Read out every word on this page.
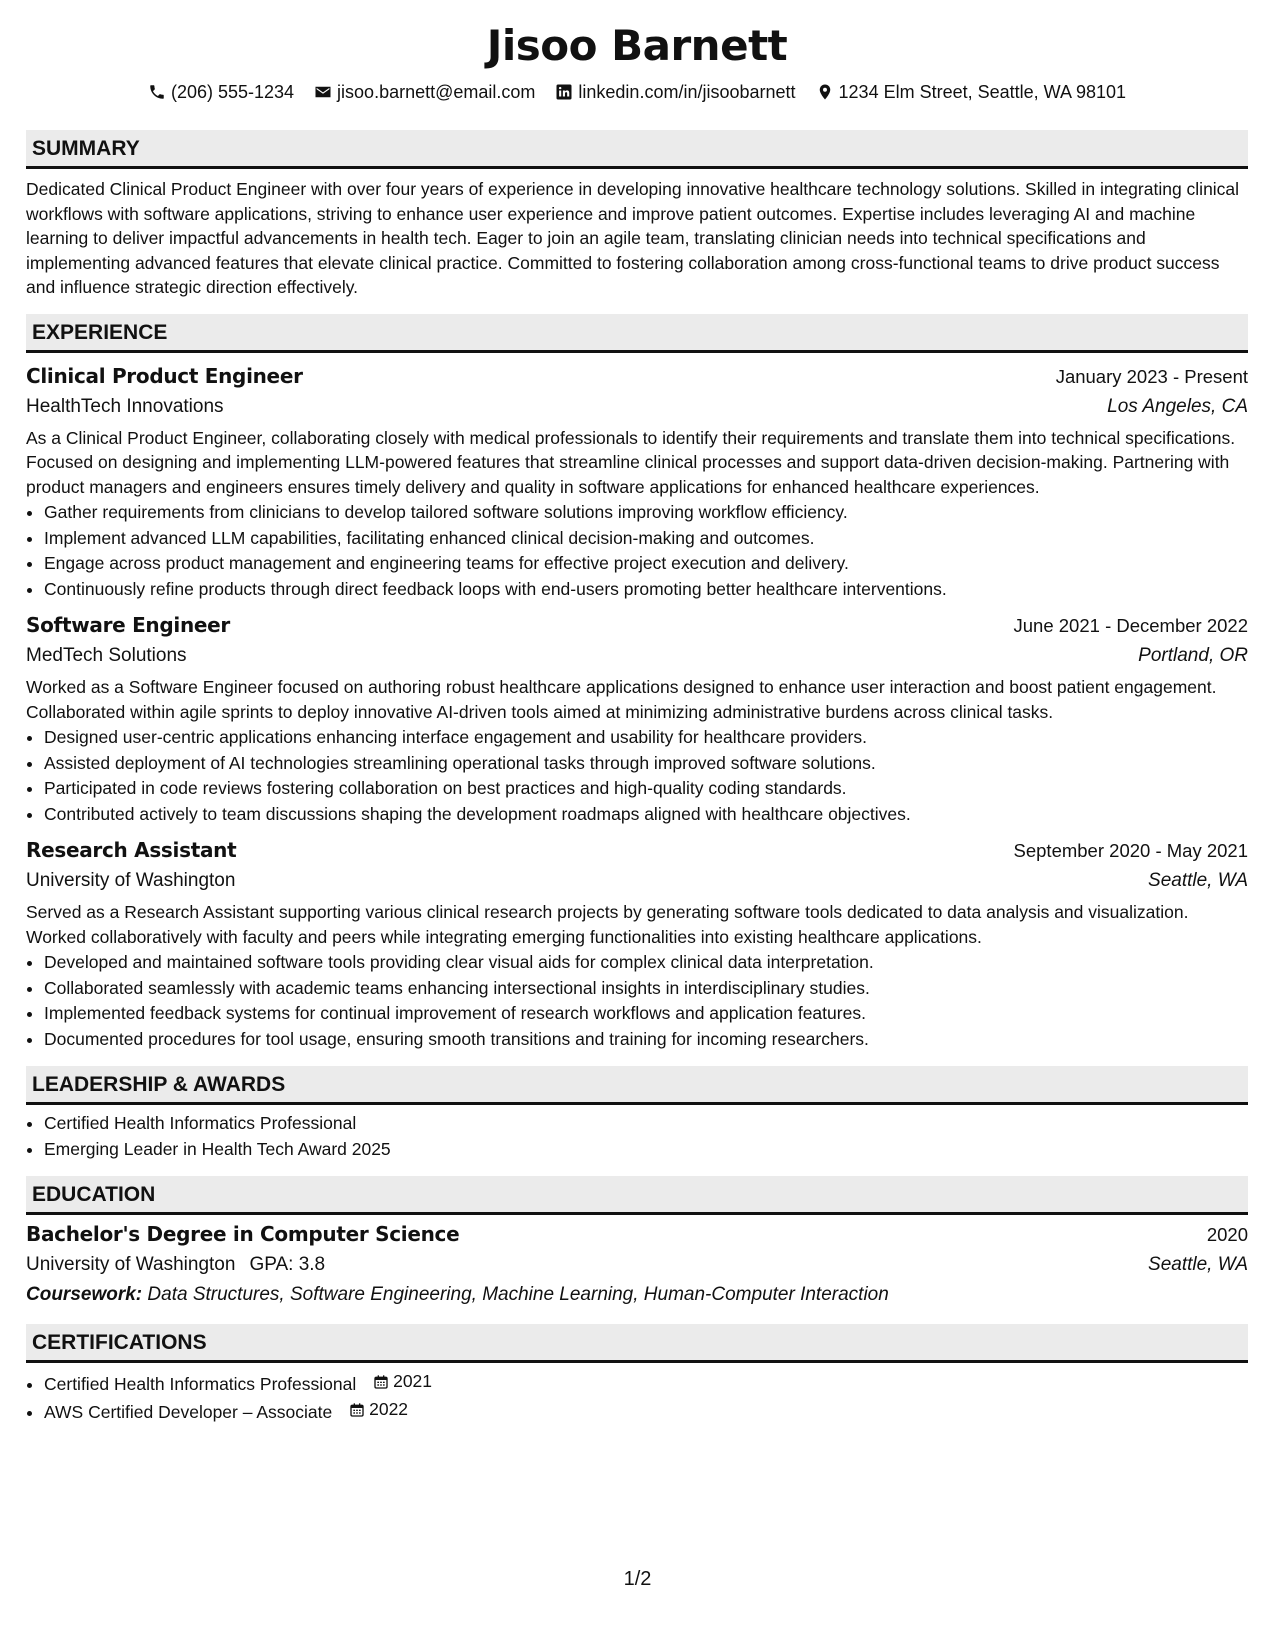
Jisoo Barnett
(206) 555-1234 jisoo.barnett@email.com linkedin.com/in/jisoobarnett 1234 Elm Street, Seattle, WA 98101
SUMMARY

Dedicated Clinical Product Engineer with over four years of experience in developing innovative healthcare technology solutions. Skilled in integrating clinical workflows with software applications, striving to enhance user experience and improve patient outcomes. Expertise includes leveraging AI and machine learning to deliver impactful advancements in health tech. Eager to join an agile team, translating clinician needs into technical specifications and implementing advanced features that elevate clinical practice. Committed to fostering collaboration among cross-functional teams to drive product success and influence strategic direction effectively.

EXPERIENCE
Clinical Product Engineer	January 2023 - Present
HealthTech Innovations	Los Angeles, CA

As a Clinical Product Engineer, collaborating closely with medical professionals to identify their requirements and translate them into technical specifications. Focused on designing and implementing LLM-powered features that streamline clinical processes and support data-driven decision-making. Partnering with product managers and engineers ensures timely delivery and quality in software applications for enhanced healthcare experiences.

• Gather requirements from clinicians to develop tailored software solutions improving workflow efficiency.
• Implement advanced LLM capabilities, facilitating enhanced clinical decision-making and outcomes.
• Engage across product management and engineering teams for effective project execution and delivery.
• Continuously refine products through direct feedback loops with end-users promoting better healthcare interventions.
Software Engineer	June 2021 - December 2022
MedTech Solutions	Portland, OR

Worked as a Software Engineer focused on authoring robust healthcare applications designed to enhance user interaction and boost patient engagement. Collaborated within agile sprints to deploy innovative AI-driven tools aimed at minimizing administrative burdens across clinical tasks.

• Designed user-centric applications enhancing interface engagement and usability for healthcare providers.
• Assisted deployment of AI technologies streamlining operational tasks through improved software solutions.
• Participated in code reviews fostering collaboration on best practices and high-quality coding standards.
• Contributed actively to team discussions shaping the development roadmaps aligned with healthcare objectives.
Research Assistant	September 2020 - May 2021
University of Washington	Seattle, WA

Served as a Research Assistant supporting various clinical research projects by generating software tools dedicated to data analysis and visualization. Worked collaboratively with faculty and peers while integrating emerging functionalities into existing healthcare applications.

• Developed and maintained software tools providing clear visual aids for complex clinical data interpretation.
• Collaborated seamlessly with academic teams enhancing intersectional insights in interdisciplinary studies.
• Implemented feedback systems for continual improvement of research workflows and application features.
• Documented procedures for tool usage, ensuring smooth transitions and training for incoming researchers.
LEADERSHIP & AWARDS
• Certified Health Informatics Professional
• Emerging Leader in Health Tech Award 2025
EDUCATION
Bachelor's Degree in Computer Science	2020
University of Washington GPA: 3.8	Seattle, WA
Coursework: Data Structures, Software Engineering, Machine Learning, Human-Computer Interaction
CERTIFICATIONS
• Certified Health Informatics Professional 2021
• AWS Certified Developer – Associate 2022
1/2
